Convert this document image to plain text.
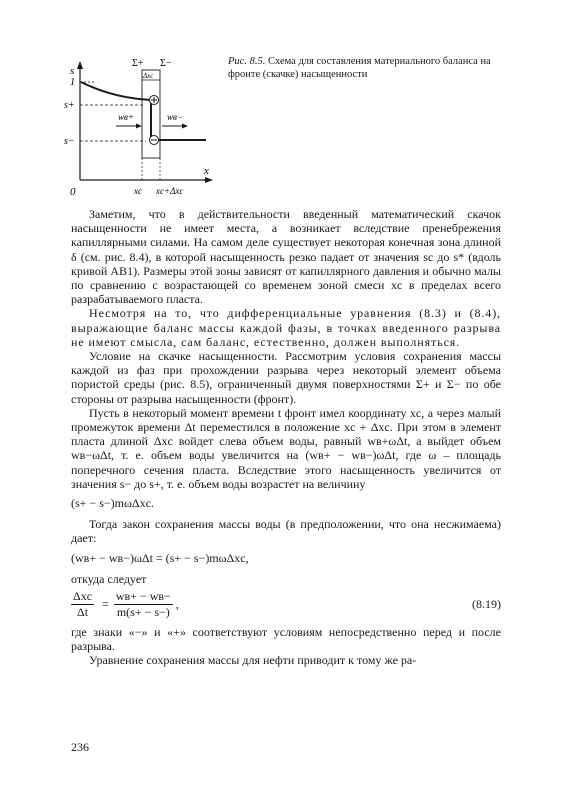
s
x
0
1
s+
s−
Σ+ Σ−
Δxc
wв+	wв−
xc xc+Δxc
Рис. 8.5. Схема для составления материального баланса на фронте (скачке) насыщенности

Заметим, что в действительности введенный математический скачок насыщенности не имеет места, а возникает вследствие пренебрежения капиллярными силами. На самом деле существует некоторая конечная зона длиной δ (см. рис. 8.4), в которой насыщенность резко падает от значения sc до s* (вдоль кривой AB1). Размеры этой зоны зависят от капиллярного давления и обычно малы по сравнению с возрастающей со временем зоной смеси xc в пределах всего разрабатываемого пласта.

Несмотря на то, что дифференциальные уравнения (8.3) и (8.4), выражающие баланс массы каждой фазы, в точках введенного разрыва не имеют смысла, сам баланс, естественно, должен выполняться.

Условие на скачке насыщенности. Рассмотрим условия сохранения массы каждой из фаз при прохождении разрыва через некоторый элемент объема пористой среды (рис. 8.5), ограниченный двумя поверхностями Σ+ и Σ− по обе стороны от разрыва насыщенности (фронт).

Пусть в некоторый момент времени t фронт имел координату xc, а через малый промежуток времени Δt переместился в положение xc + Δxc. При этом в элемент пласта длиной Δxc войдет слева объем воды, равный wв+ωΔt, а выйдет объем wв−ωΔt, т. е. объем воды увеличится на (wв+ − wв−)ωΔt, где ω – площадь поперечного сечения пласта. Вследствие этого насыщенность увеличится от значения s− до s+, т. е. объем воды возрастет на величину

(s+ − s−)mωΔxc.

Тогда закон сохранения массы воды (в предположении, что она несжимаема) дает:

(wв+ − wв−)ωΔt = (s+ − s−)mωΔxc,

откуда следует

$\frac{\text{Δxc}}{\Delta t} = \frac{wв+ - wв-}{m(s+ - s-)}$ ,	(8.19)

где знаки «−» и «+» соответствуют условиям непосредственно перед и после разрыва.

Уравнение сохранения массы для нефти приводит к тому же ра-

236
